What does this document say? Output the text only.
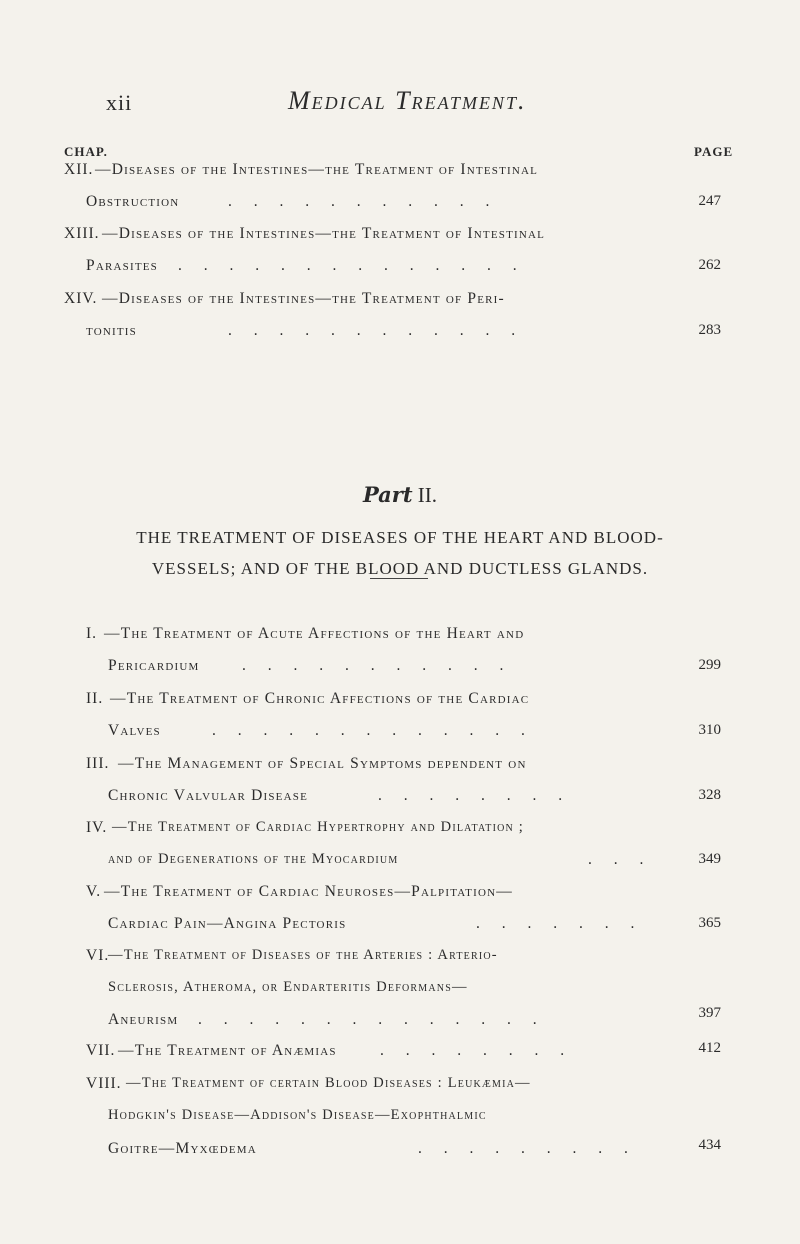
xii	Medical Treatment.
CHAP.	PAGE
XII. —Diseases of the Intestines—the Treatment of Intestinal
Obstruction	. . . . . . . . . . .	247
XIII. —Diseases of the Intestines—the Treatment of Intestinal
Parasites . . . . . . . . . . . . . .	262
XIV. —Diseases of the Intestines—the Treatment of Peri-
tonitis	. . . . . . . . . . . .	283
Part II.
THE TREATMENT OF DISEASES OF THE HEART AND BLOOD-
VESSELS; AND OF THE BLOOD AND DUCTLESS GLANDS.
I. —The Treatment of Acute Affections of the Heart and
Pericardium	. . . . . . . . . . .	299
II. —The Treatment of Chronic Affections of the Cardiac
Valves	. . . . . . . . . . . . .	310
III. —The Management of Special Symptoms dependent on
Chronic Valvular Disease	. . . . . . . .	328
IV. —The Treatment of Cardiac Hypertrophy and Dilatation ;
and of Degenerations of the Myocardium	. . .	349
V. —The Treatment of Cardiac Neuroses—Palpitation—
Cardiac Pain—Angina Pectoris	. . . . . . .	365
VI.
—The Treatment of Diseases of the Arteries : Arterio-
Sclerosis, Atheroma, or Endarteritis Deformans—
Aneurism . . . . . . . . . . . . . .	397
VII. —The Treatment of Anæmias	. . . . . . . .	412
VIII. —The Treatment of certain Blood Diseases : Leukæmia—
Hodgkin's Disease—Addison's Disease—Exophthalmic
Goitre—Myxœdema	. . . . . . . . .	434
